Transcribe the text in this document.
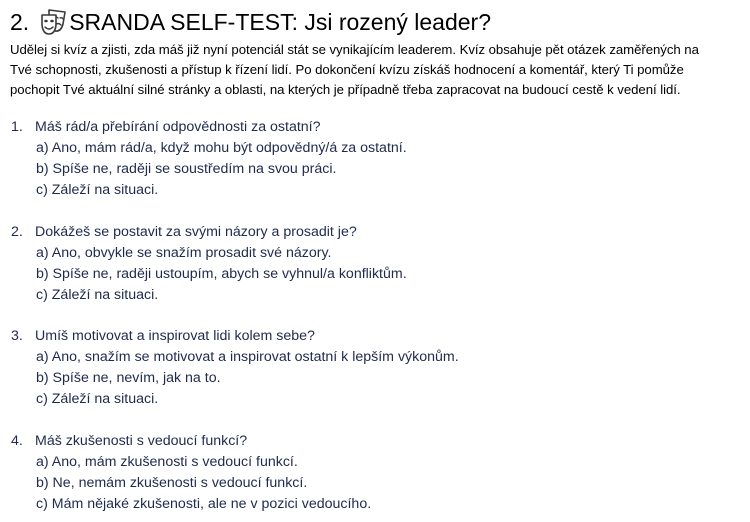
2. SRANDA SELF-TEST: Jsi rozený leader?
Udělej si kvíz a zjisti, zda máš již nyní potenciál stát se vynikajícím leaderem. Kvíz obsahuje pět otázek zaměřených na
Tvé schopnosti, zkušenosti a přístup k řízení lidí. Po dokončení kvízu získáš hodnocení a komentář, který Ti pomůže
pochopit Tvé aktuální silné stránky a oblasti, na kterých je případně třeba zapracovat na budoucí cestě k vedení lidí.
1. Máš rád/a přebírání odpovědnosti za ostatní?
a) Ano, mám rád/a, když mohu být odpovědný/á za ostatní.
b) Spíše ne, raději se soustředím na svou práci.
c) Záleží na situaci.
2. Dokážeš se postavit za svými názory a prosadit je?
a) Ano, obvykle se snažím prosadit své názory.
b) Spíše ne, raději ustoupím, abych se vyhnul/a konfliktům.
c) Záleží na situaci.
3. Umíš motivovat a inspirovat lidi kolem sebe?
a) Ano, snažím se motivovat a inspirovat ostatní k lepším výkonům.
b) Spíše ne, nevím, jak na to.
c) Záleží na situaci.
4. Máš zkušenosti s vedoucí funkcí?
a) Ano, mám zkušenosti s vedoucí funkcí.
b) Ne, nemám zkušenosti s vedoucí funkcí.
c) Mám nějaké zkušenosti, ale ne v pozici vedoucího.
